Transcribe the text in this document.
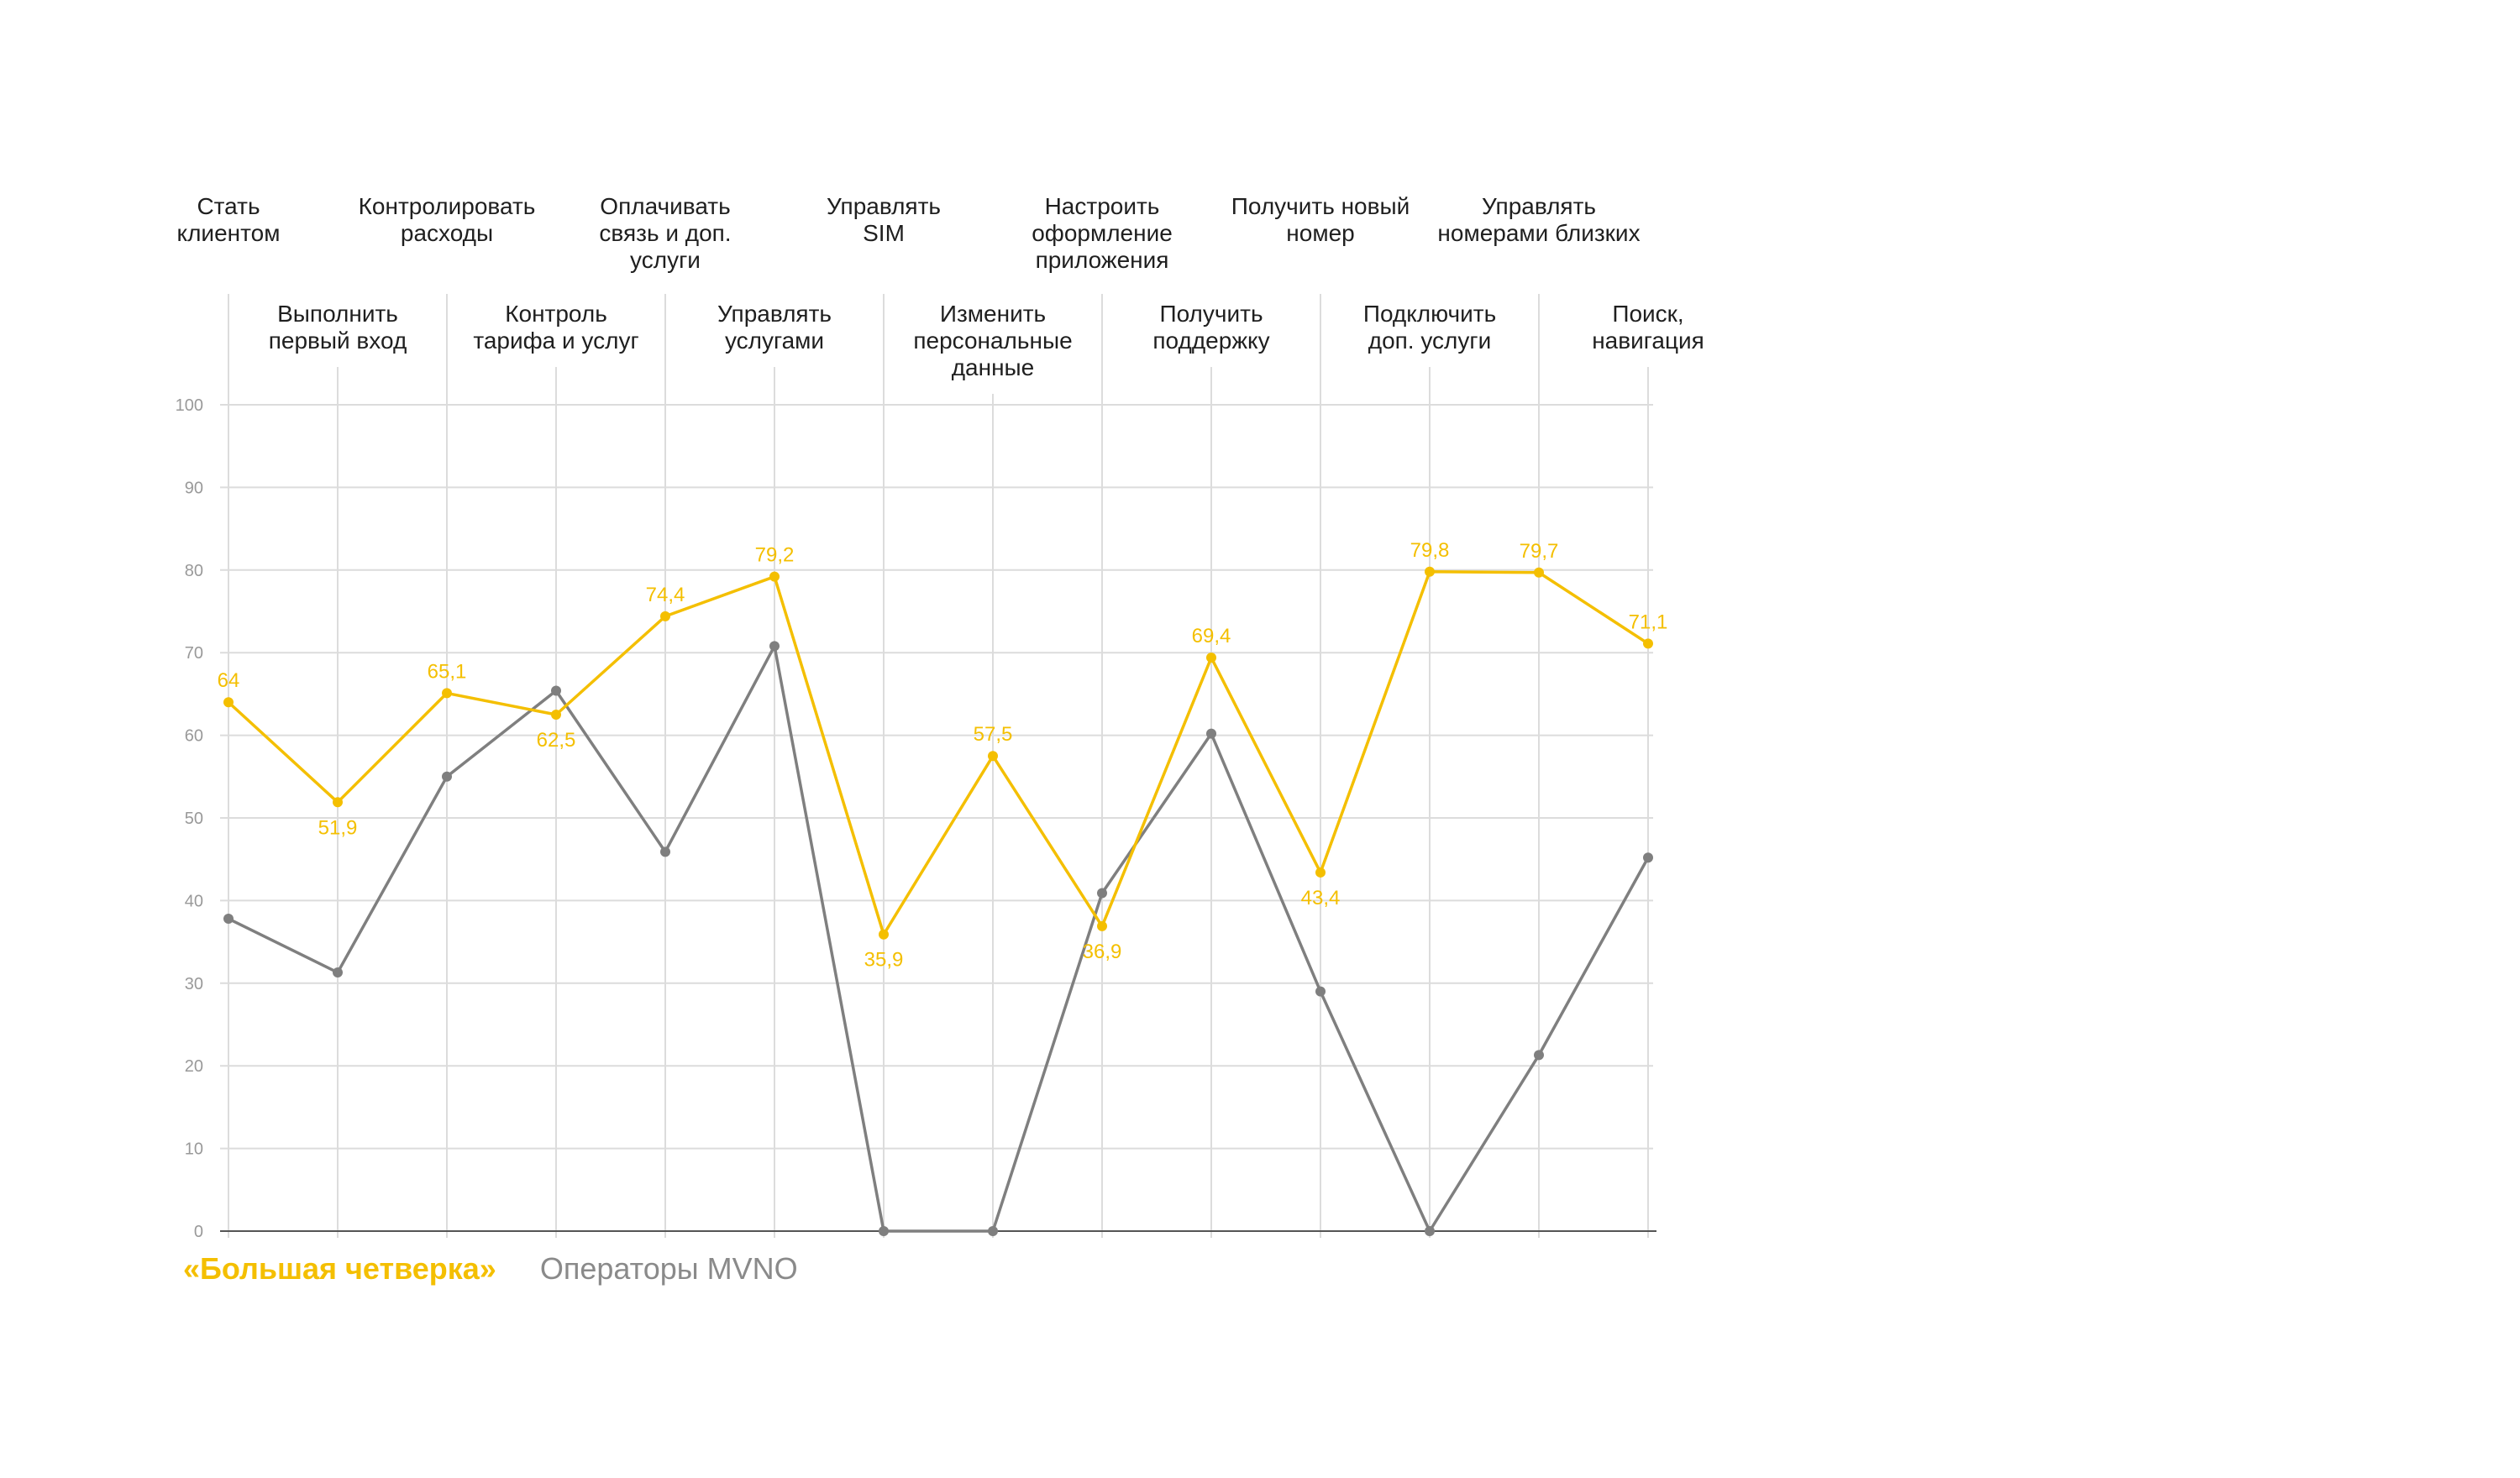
0
10
20
30
40
50
60
70
80
90
100
Стать клиентом
Выполнить первый вход
Контролировать расходы
Контроль тарифа и услуг
Оплачивать связь и доп. услуги
Управлять услугами
Управлять SIM
Изменить персональные данные
Настроить оформление приложения
Получить поддержку
Получить новый номер
Подключить доп. услуги
Управлять номерами близких
Поиск, навигация
64
51,9
65,1
62,5
74,4
79,2
35,9
57,5
36,9
69,4
43,4
79,8	79,7
71,1
«Большая четверка» Операторы MVNO
